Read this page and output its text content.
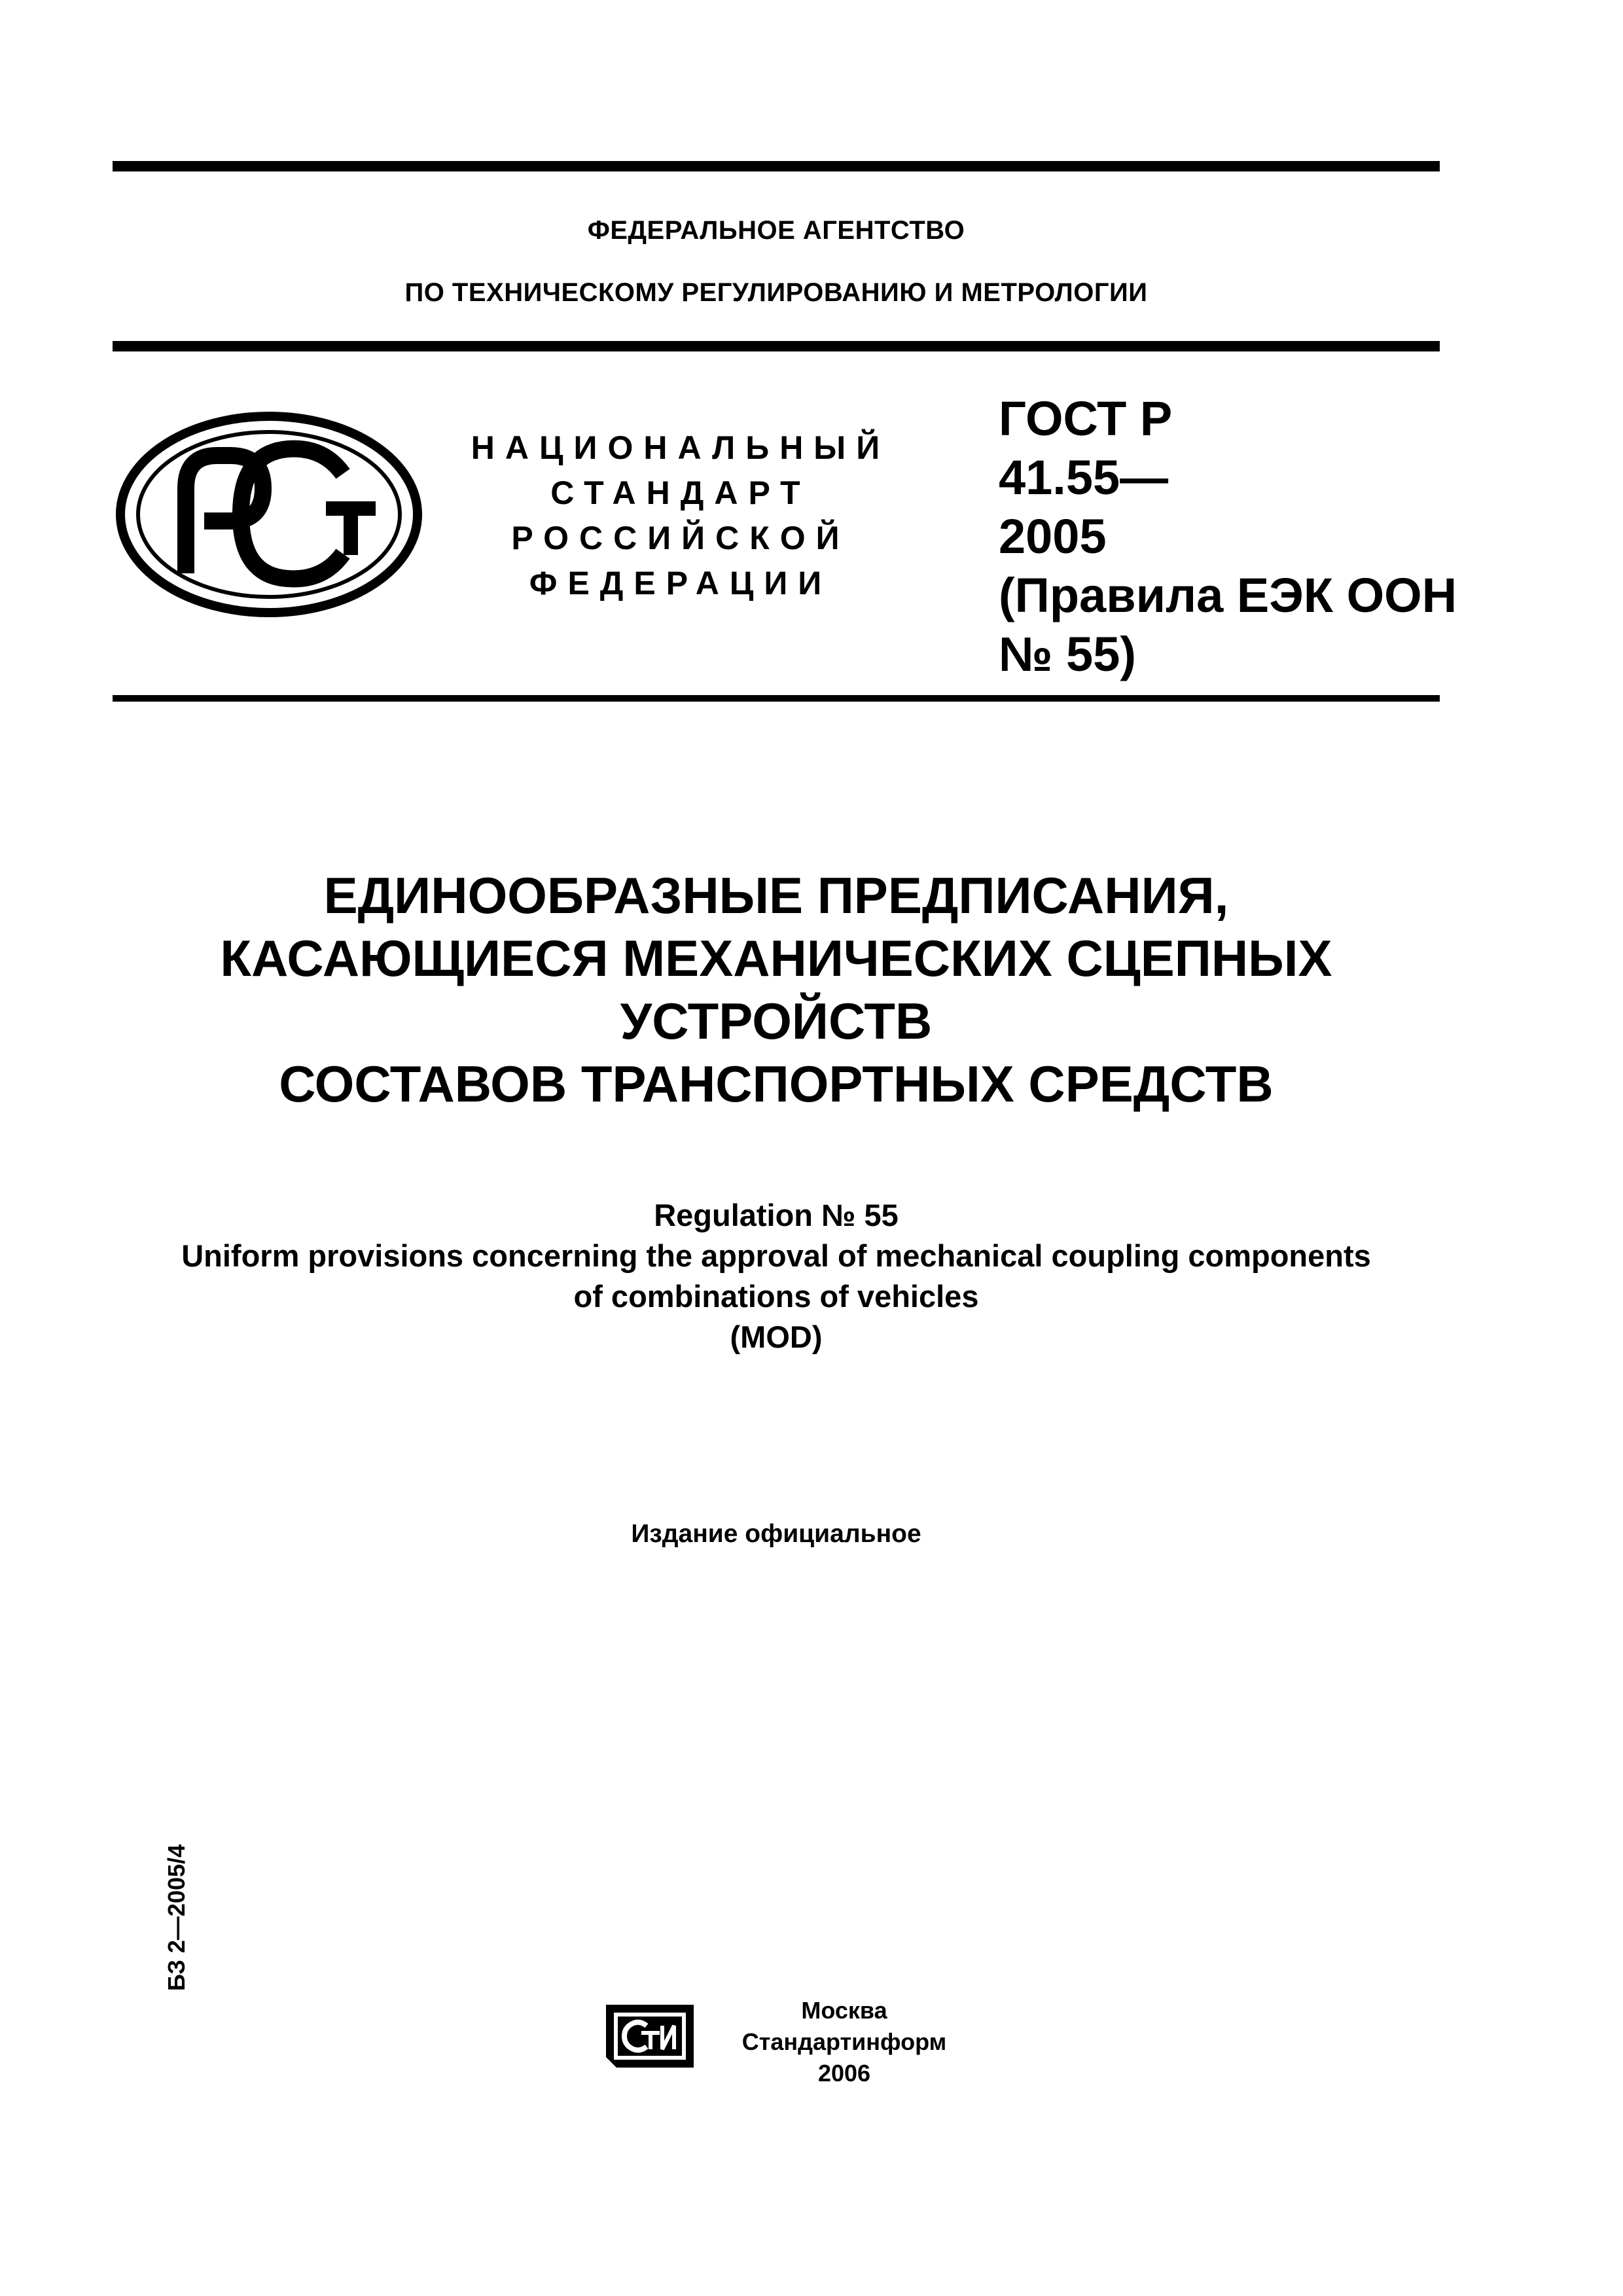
ФЕДЕРАЛЬНОЕ АГЕНТСТВО
ПО ТЕХНИЧЕСКОМУ РЕГУЛИРОВАНИЮ И МЕТРОЛОГИИ
НАЦИОНАЛЬНЫЙ
СТАНДАРТ
РОССИЙСКОЙ
ФЕДЕРАЦИИ
ГОСТ Р
41.55—
2005
(Правила ЕЭК ООН
№ 55)
ЕДИНООБРАЗНЫЕ ПРЕДПИСАНИЯ,
КАСАЮЩИЕСЯ МЕХАНИЧЕСКИХ СЦЕПНЫХ
УСТРОЙСТВ
СОСТАВОВ ТРАНСПОРТНЫХ СРЕДСТВ
Regulation № 55
Uniform provisions concerning the approval of mechanical coupling components
of combinations of vehicles
(MOD)
Издание официальное
БЗ 2—2005/4
Москва
Стандартинформ
2006
